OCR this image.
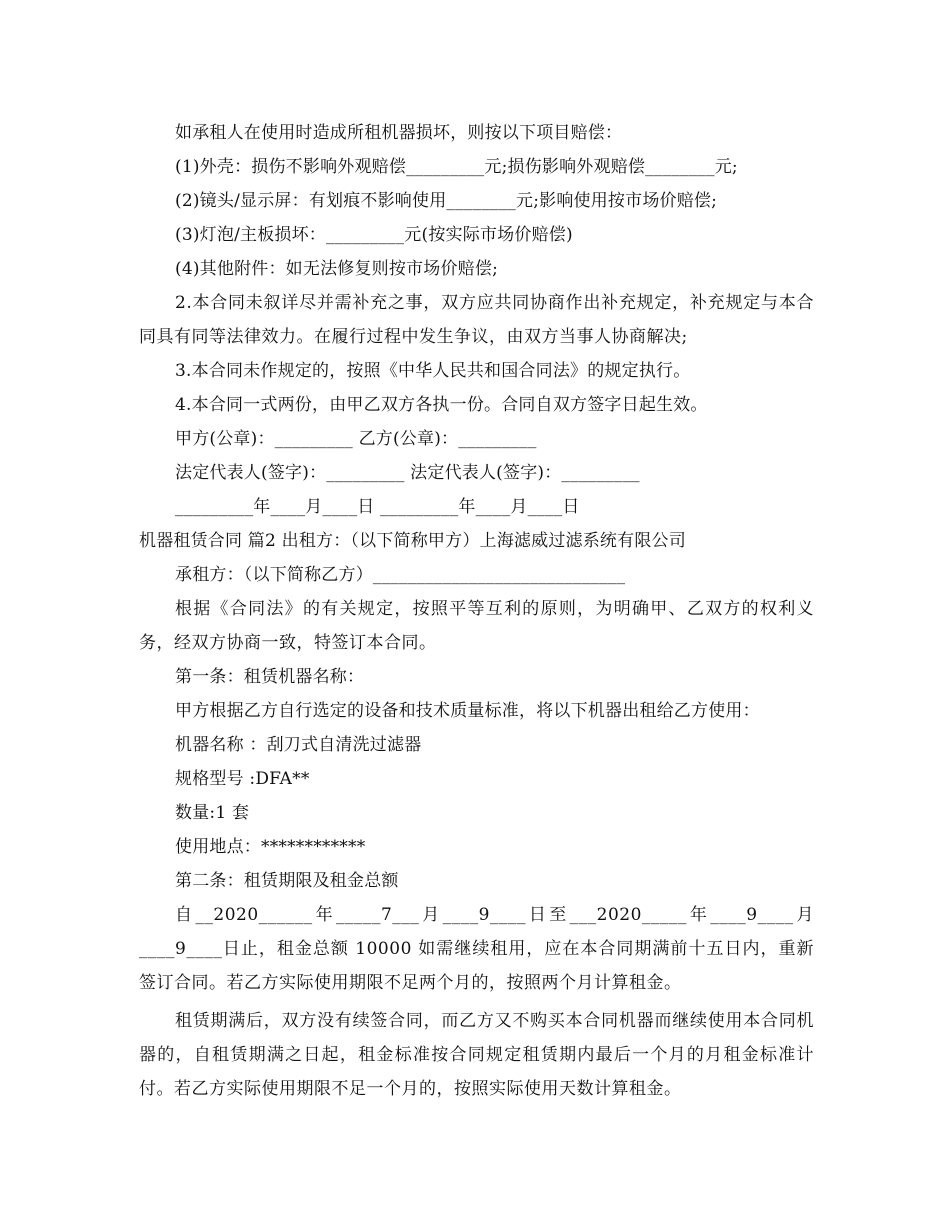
如承租人在使用时造成所租机器损坏，则按以下项目赔偿：
(1)外壳：损伤不影响外观赔偿_________元;损伤影响外观赔偿________元;
(2)镜头/显示屏：有划痕不影响使用________元;影响使用按市场价赔偿;
(3)灯泡/主板损坏：_________元(按实际市场价赔偿)
(4)其他附件：如无法修复则按市场价赔偿;
2.本合同未叙详尽并需补充之事，双方应共同协商作出补充规定，补充规定与本合同具有同等法律效力。在履行过程中发生争议，由双方当事人协商解决;
3.本合同未作规定的，按照《中华人民共和国合同法》的规定执行。
4.本合同一式两份，由甲乙双方各执一份。合同自双方签字日起生效。
甲方(公章)：_________ 乙方(公章)：_________
法定代表人(签字)：_________ 法定代表人(签字)：_________
_________年____月____日 _________年____月____日
机器租赁合同 篇2 出租方：（以下简称甲方）上海滤威过滤系统有限公司
承租方：（以下简称乙方）_____________________________
根据《合同法》的有关规定，按照平等互利的原则，为明确甲、乙双方的权利义务，经双方协商一致，特签订本合同。
第一条：租赁机器名称：
甲方根据乙方自行选定的设备和技术质量标准，将以下机器出租给乙方使用：
机器名称 ：刮刀式自清洗过滤器
规格型号 :DFA**
数量:1 套
使用地点：************
第二条：租赁期限及租金总额
自__2020______年_____7___月____9____日至___2020_____年____9____月____9____日止，租金总额 10000 如需继续租用，应在本合同期满前十五日内，重新签订合同。若乙方实际使用期限不足两个月的，按照两个月计算租金。
租赁期满后，双方没有续签合同，而乙方又不购买本合同机器而继续使用本合同机器的，自租赁期满之日起，租金标准按合同规定租赁期内最后一个月的月租金标准计付。若乙方实际使用期限不足一个月的，按照实际使用天数计算租金。
